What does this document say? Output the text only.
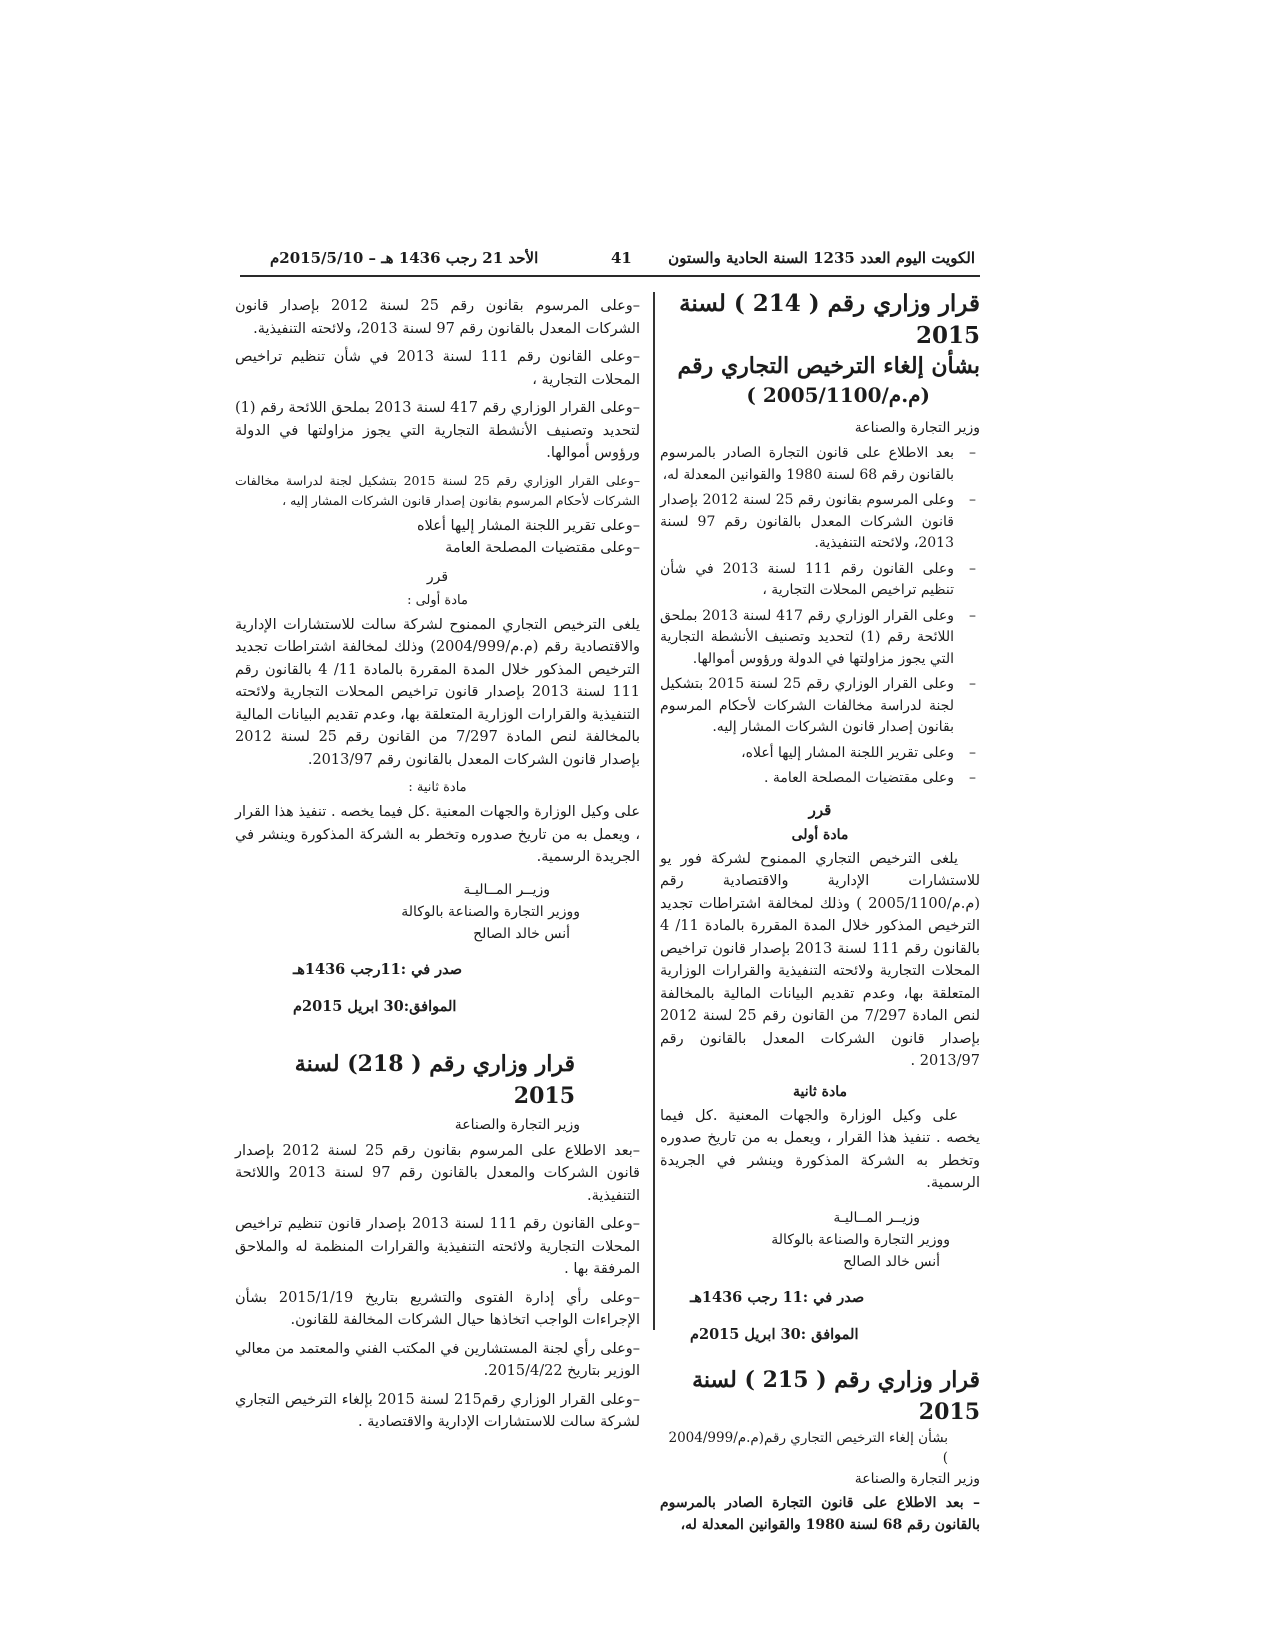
الكويت اليوم العدد 1235 السنة الحادية والستون
41
الأحد 21 رجب 1436 هـ – 2015/5/10م

قرار وزاري رقم ( 214 ) لسنة 2015

بشأن إلغاء الترخيص التجاري رقم

(م.م/2005/1100 )

وزير التجارة والصناعة

– بعد الاطلاع على قانون التجارة الصادر بالمرسوم بالقانون رقم 68 لسنة 1980 والقوانين المعدلة له،
– وعلى المرسوم بقانون رقم 25 لسنة 2012 بإصدار قانون الشركات المعدل بالقانون رقم 97 لسنة 2013، ولائحته التنفيذية.
– وعلى القانون رقم 111 لسنة 2013 في شأن تنظيم تراخيص المحلات التجارية ،
– وعلى القرار الوزاري رقم 417 لسنة 2013 بملحق اللائحة رقم (1) لتحديد وتصنيف الأنشطة التجارية التي يجوز مزاولتها في الدولة ورؤوس أموالها.
– وعلى القرار الوزاري رقم 25 لسنة 2015 بتشكيل لجنة لدراسة مخالفات الشركات لأحكام المرسوم بقانون إصدار قانون الشركات المشار إليه.
– وعلى تقرير اللجنة المشار إليها أعلاه،
– وعلى مقتضيات المصلحة العامة .

قرر

مادة أولى

يلغى الترخيص التجاري الممنوح لشركة فور يو للاستشارات الإدارية والاقتصادية رقم (م.م/2005/1100 ) وذلك لمخالفة اشتراطات تجديد الترخيص المذكور خلال المدة المقررة بالمادة 11/ 4 بالقانون رقم 111 لسنة 2013 بإصدار قانون تراخيص المحلات التجارية ولائحته التنفيذية والقرارات الوزارية المتعلقة بها، وعدم تقديم البيانات المالية بالمخالفة لنص المادة 7/297 من القانون رقم 25 لسنة 2012 بإصدار قانون الشركات المعدل بالقانون رقم 2013/97 .

مادة ثانية

على وكيل الوزارة والجهات المعنية .كل فيما يخصه . تنفيذ هذا القرار ، ويعمل به من تاريخ صدوره وتخطر به الشركة المذكورة وينشر في الجريدة الرسمية.

وزيــر المــاليـة

ووزير التجارة والصناعة بالوكالة

أنس خالد الصالح

صدر في :11 رجب 1436هـ

الموافق :30 ابريل 2015م

قرار وزاري رقم ( 215 ) لسنة 2015

بشأن إلغاء الترخيص التجاري رقم(م.م/2004/999 )

وزير التجارة والصناعة

– بعد الاطلاع على قانون التجارة الصادر بالمرسوم بالقانون رقم 68 لسنة 1980 والقوانين المعدلة له،

–وعلى المرسوم بقانون رقم 25 لسنة 2012 بإصدار قانون الشركات المعدل بالقانون رقم 97 لسنة 2013، ولائحته التنفيذية.

–وعلى القانون رقم 111 لسنة 2013 في شأن تنظيم تراخيص المحلات التجارية ،

–وعلى القرار الوزاري رقم 417 لسنة 2013 بملحق اللائحة رقم (1) لتحديد وتصنيف الأنشطة التجارية التي يجوز مزاولتها في الدولة ورؤوس أموالها.

–وعلى القرار الوزاري رقم 25 لسنة 2015 بتشكيل لجنة لدراسة مخالفات الشركات لأحكام المرسوم بقانون إصدار قانون الشركات المشار إليه ،

–وعلى تقرير اللجنة المشار إليها أعلاه

–وعلى مقتضيات المصلحة العامة

قرر

مادة أولى :

يلغى الترخيص التجاري الممنوح لشركة سالت للاستشارات الإدارية والاقتصادية رقم (م.م/2004/999) وذلك لمخالفة اشتراطات تجديد الترخيص المذكور خلال المدة المقررة بالمادة 11/ 4 بالقانون رقم 111 لسنة 2013 بإصدار قانون تراخيص المحلات التجارية ولائحته التنفيذية والقرارات الوزارية المتعلقة بها، وعدم تقديم البيانات المالية بالمخالفة لنص المادة 7/297 من القانون رقم 25 لسنة 2012 بإصدار قانون الشركات المعدل بالقانون رقم 2013/97.

مادة ثانية :

على وكيل الوزارة والجهات المعنية .كل فيما يخصه . تنفيذ هذا القرار ، ويعمل به من تاريخ صدوره وتخطر به الشركة المذكورة وينشر في الجريدة الرسمية.

وزيــر المــاليـة

ووزير التجارة والصناعة بالوكالة

أنس خالد الصالح

صدر في :11رجب 1436هـ

الموافق:30 ابريل 2015م

قرار وزاري رقم ( 218) لسنة 2015

وزير التجارة والصناعة

–بعد الاطلاع على المرسوم بقانون رقم 25 لسنة 2012 بإصدار قانون الشركات والمعدل بالقانون رقم 97 لسنة 2013 واللائحة التنفيذية.

–وعلى القانون رقم 111 لسنة 2013 بإصدار قانون تنظيم تراخيص المحلات التجارية ولائحته التنفيذية والقرارات المنظمة له والملاحق المرفقة بها .

–وعلى رأي إدارة الفتوى والتشريع بتاريخ 2015/1/19 بشأن الإجراءات الواجب اتخاذها حيال الشركات المخالفة للقانون.

–وعلى رأي لجنة المستشارين في المكتب الفني والمعتمد من معالي الوزير بتاريخ 2015/4/22.

–وعلى القرار الوزاري رقم215 لسنة 2015 بإلغاء الترخيص التجاري لشركة سالت للاستشارات الإدارية والاقتصادية .
